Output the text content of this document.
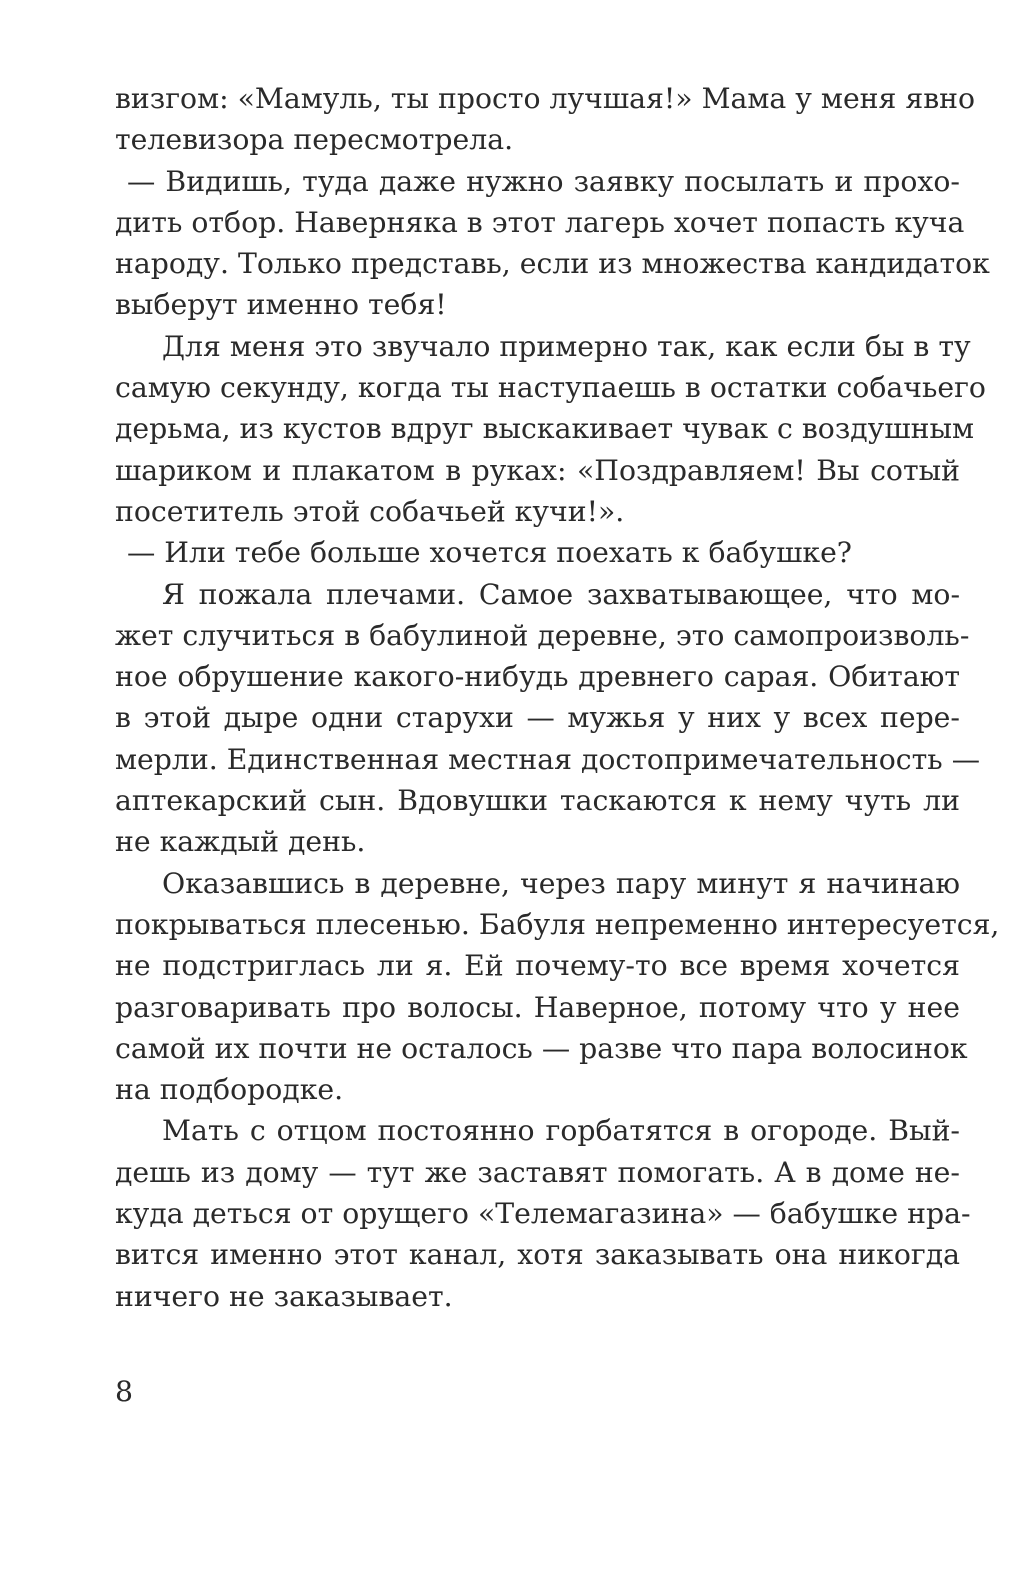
визгом: «Мамуль, ты просто лучшая!» Мама у меня явно
телевизора пересмотрела.
— Видишь, туда даже нужно заявку посылать и прохо-
дить отбор. Наверняка в этот лагерь хочет попасть куча
народу. Только представь, если из множества кандидаток
выберут именно тебя!
Для меня это звучало примерно так, как если бы в ту
самую секунду, когда ты наступаешь в остатки собачьего
дерьма, из кустов вдруг выскакивает чувак с воздушным
шариком и плакатом в руках: «Поздравляем! Вы сотый
посетитель этой собачьей кучи!».
— Или тебе больше хочется поехать к бабушке?
Я пожала плечами. Самое захватывающее, что мо-
жет случиться в бабулиной деревне, это самопроизволь-
ное обрушение какого-нибудь древнего сарая. Обитают
в этой дыре одни старухи — мужья у них у всех пере-
мерли. Единственная местная достопримечательность —
аптекарский сын. Вдовушки таскаются к нему чуть ли
не каждый день.
Оказавшись в деревне, через пару минут я начинаю
покрываться плесенью. Бабуля непременно интересуется,
не подстриглась ли я. Ей почему-то все время хочется
разговаривать про волосы. Наверное, потому что у нее
самой их почти не осталось — разве что пара волосинок
на подбородке.
Мать с отцом постоянно горбатятся в огороде. Вый-
дешь из дому — тут же заставят помогать. А в доме не-
куда деться от орущего «Телемагазина» — бабушке нра-
вится именно этот канал, хотя заказывать она никогда
ничего не заказывает.
8
